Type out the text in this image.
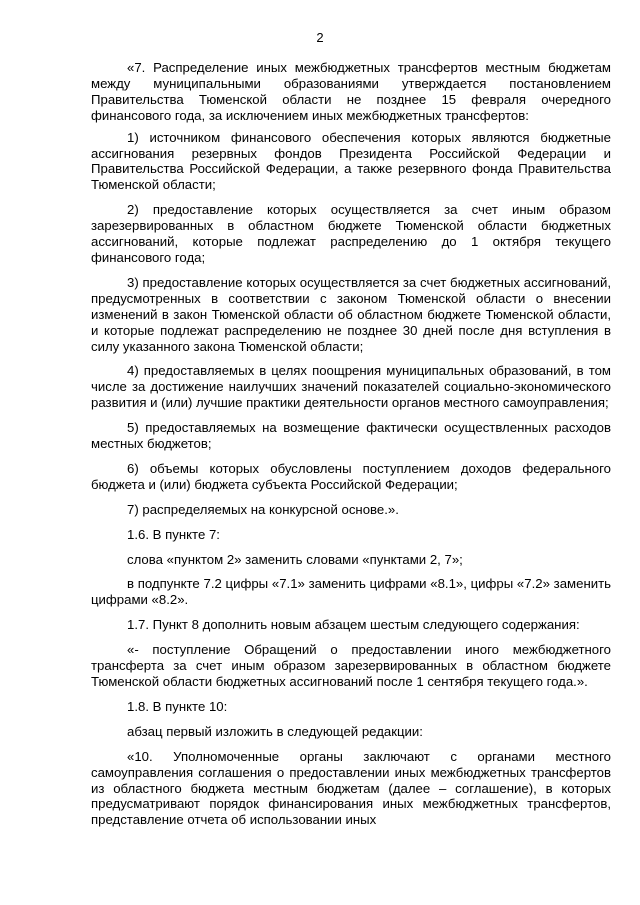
2

«7. Распределение иных межбюджетных трансфертов местным бюджетам между муниципальными образованиями утверждается постановлением Правительства Тюменской области не позднее 15 февраля очередного финансового года, за исключением иных межбюджетных трансфертов:

1) источником финансового обеспечения которых являются бюджетные ассигнования резервных фондов Президента Российской Федерации и Правительства Российской Федерации, а также резервного фонда Правительства Тюменской области;

2) предоставление которых осуществляется за счет иным образом зарезервированных в областном бюджете Тюменской области бюджетных ассигнований, которые подлежат распределению до 1 октября текущего финансового года;

3) предоставление которых осуществляется за счет бюджетных ассигнований, предусмотренных в соответствии с законом Тюменской области о внесении изменений в закон Тюменской области об областном бюджете Тюменской области, и которые подлежат распределению не позднее 30 дней после дня вступления в силу указанного закона Тюменской области;

4) предоставляемых в целях поощрения муниципальных образований, в том числе за достижение наилучших значений показателей социально-экономического развития и (или) лучшие практики деятельности органов местного самоуправления;

5) предоставляемых на возмещение фактически осуществленных расходов местных бюджетов;

6) объемы которых обусловлены поступлением доходов федерального бюджета и (или) бюджета субъекта Российской Федерации;

7) распределяемых на конкурсной основе.».

1.6. В пункте 7:

слова «пунктом 2» заменить словами «пунктами 2, 7»;

в подпункте 7.2 цифры «7.1» заменить цифрами «8.1», цифры «7.2» заменить цифрами «8.2».

1.7. Пункт 8 дополнить новым абзацем шестым следующего содержания:

«- поступление Обращений о предоставлении иного межбюджетного трансферта за счет иным образом зарезервированных в областном бюджете Тюменской области бюджетных ассигнований после 1 сентября текущего года.».

1.8. В пункте 10:

абзац первый изложить в следующей редакции:

«10. Уполномоченные органы заключают с органами местного самоуправления соглашения о предоставлении иных межбюджетных трансфертов из областного бюджета местным бюджетам (далее – соглашение), в которых предусматривают порядок финансирования иных межбюджетных трансфертов, представление отчета об использовании иных
